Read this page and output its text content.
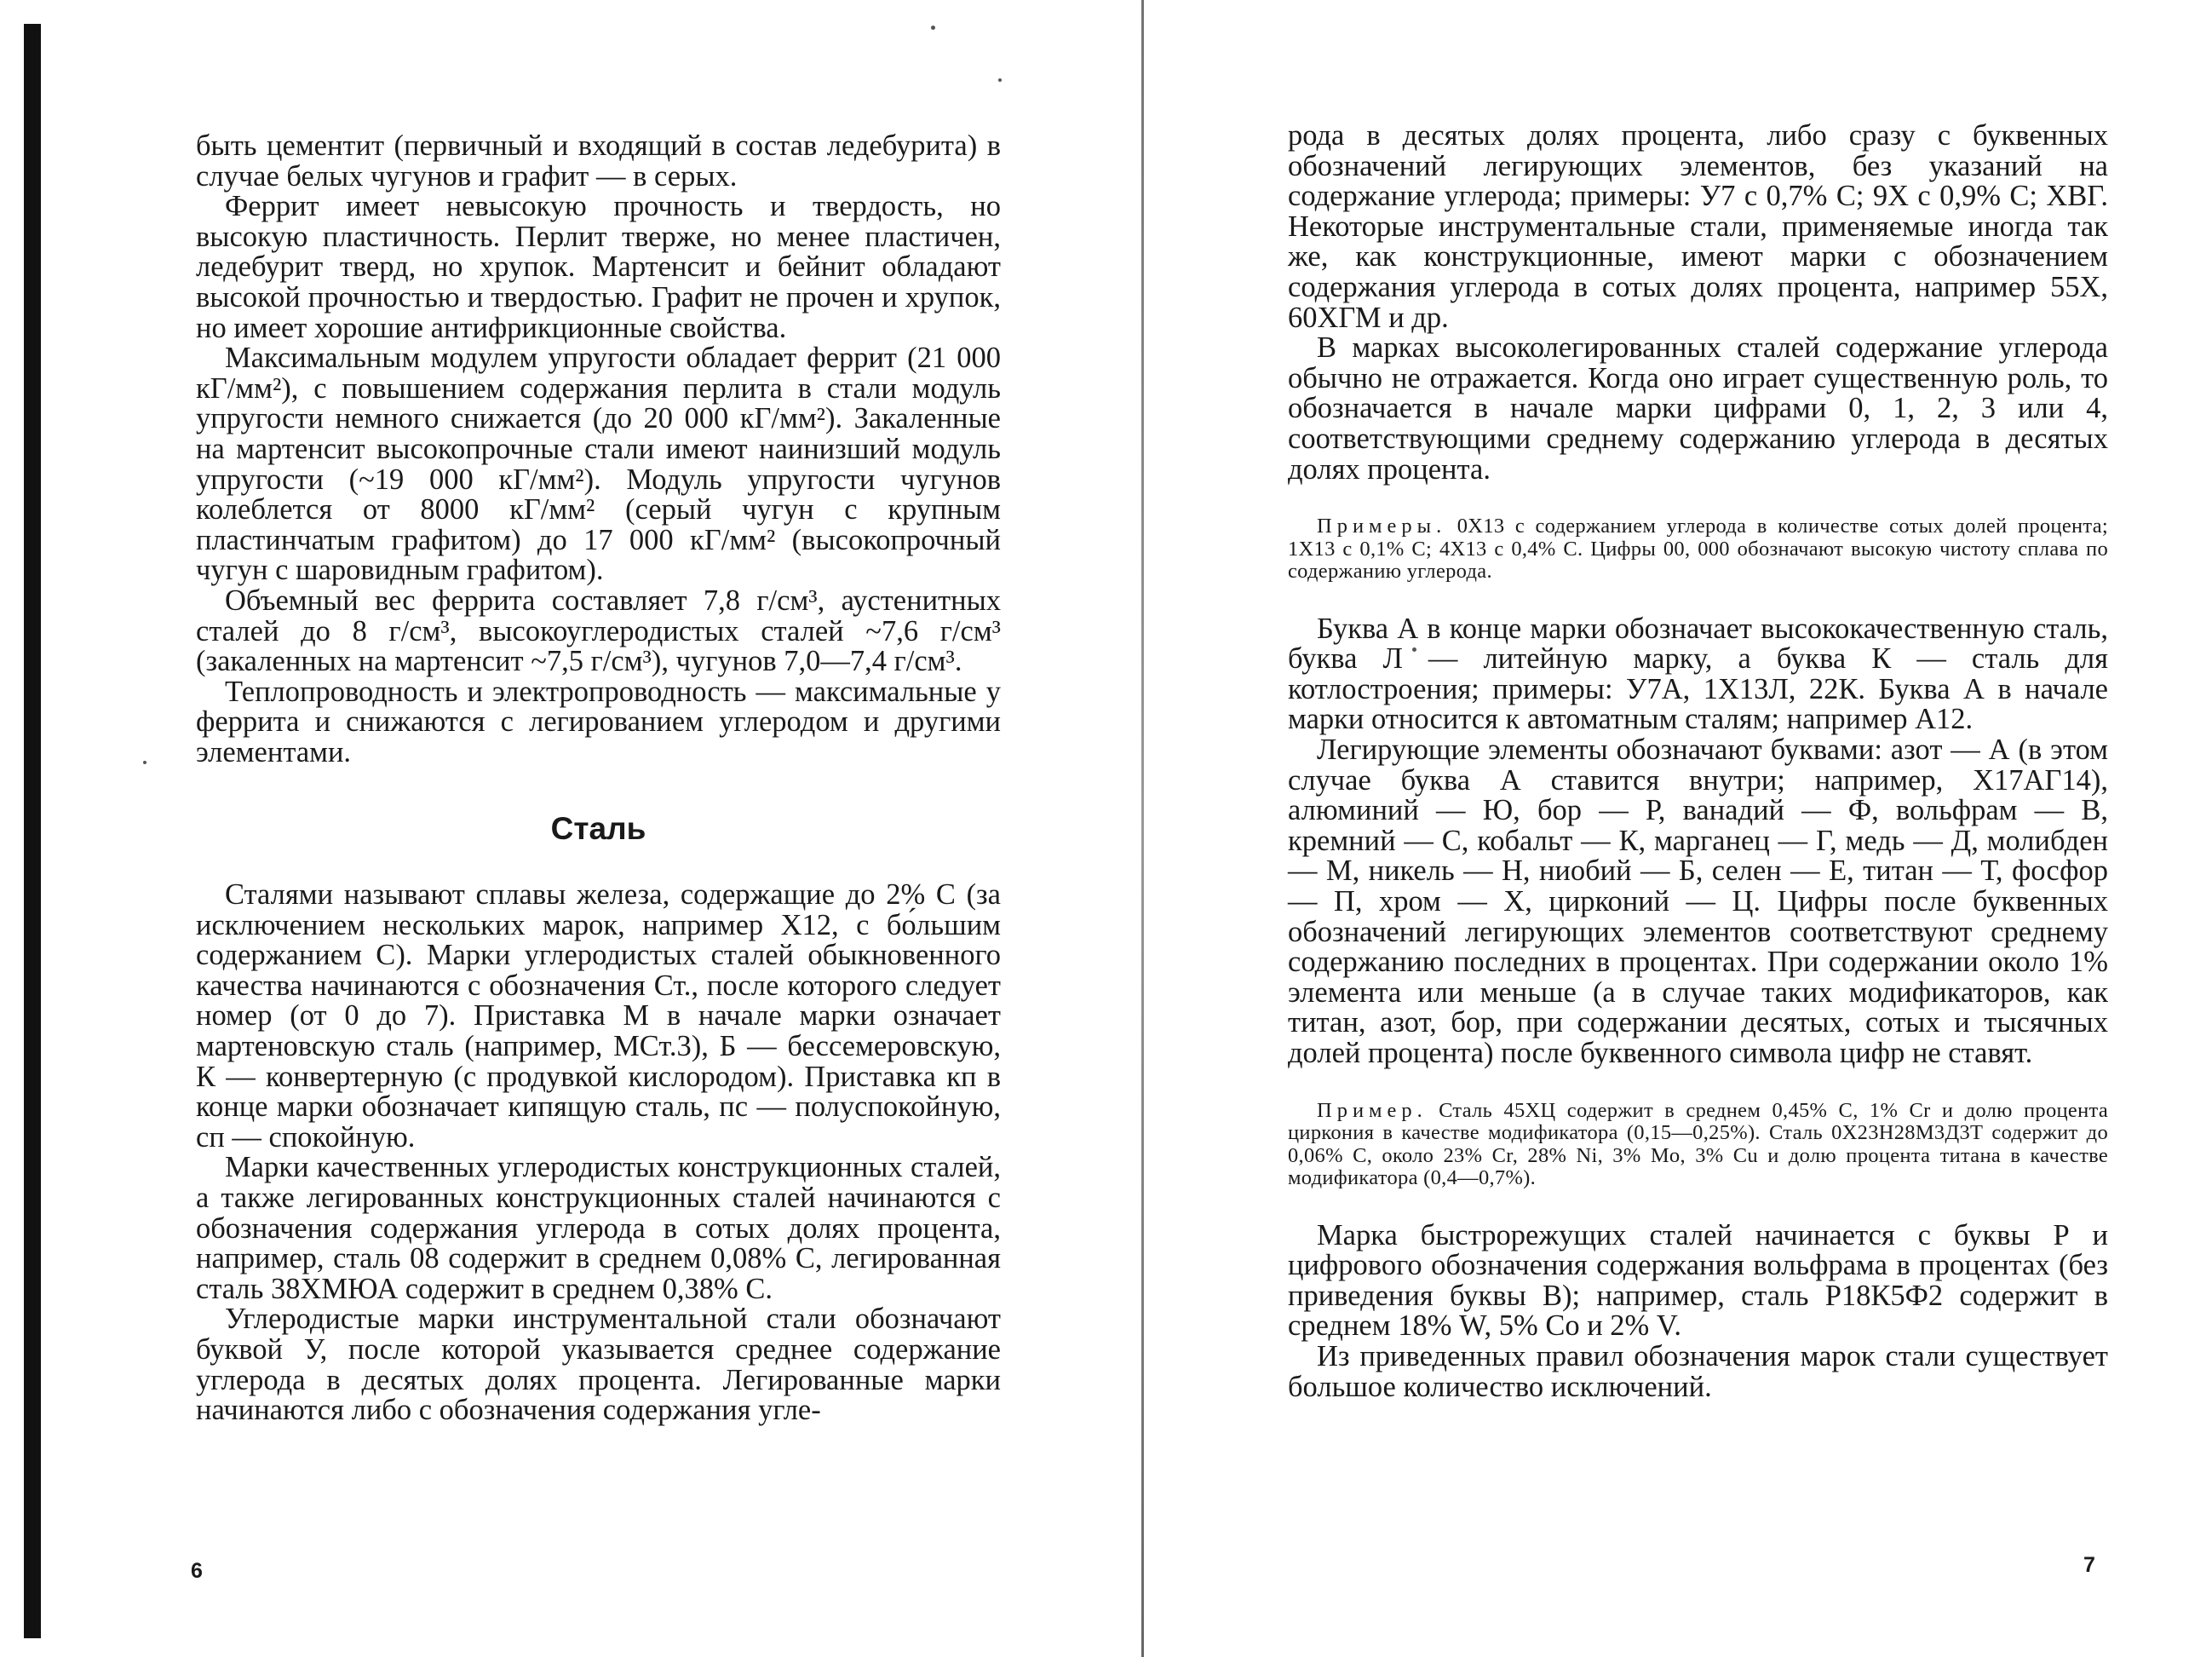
быть цементит (первичный и входящий в состав ледебурита) в случае белых чугунов и графит — в серых.

Феррит имеет невысокую прочность и твердость, но высокую пластичность. Перлит тверже, но менее пластичен, ледебурит тверд, но хрупок. Мартенсит и бейнит обладают высокой прочностью и твердостью. Графит не прочен и хрупок, но имеет хорошие антифрикционные свойства.

Максимальным модулем упругости обладает феррит (21 000 кГ/мм²), с повышением содержания перлита в стали модуль упругости немного снижается (до 20 000 кГ/мм²). Закаленные на мартенсит высокопрочные стали имеют наинизший модуль упругости (~19 000 кГ/мм²). Модуль упругости чугунов колеблется от 8000 кГ/мм² (серый чугун с крупным пластинчатым графитом) до 17 000 кГ/мм² (высокопрочный чугун с шаровидным графитом).

Объемный вес феррита составляет 7,8 г/см³, аустенитных сталей до 8 г/см³, высокоуглеродистых сталей ~7,6 г/см³ (закаленных на мартенсит ~7,5 г/см³), чугунов 7,0—7,4 г/см³.

Теплопроводность и электропроводность — максимальные у феррита и снижаются с легированием углеродом и другими элементами.

Сталь

Сталями называют сплавы железа, содержащие до 2% С (за исключением нескольких марок, например Х12, с бо́льшим содержанием С). Марки углеродистых сталей обыкновенного качества начинаются с обозначения Ст., после которого следует номер (от 0 до 7). Приставка М в начале марки означает мартеновскую сталь (например, МСт.3), Б — бессемеровскую, К — конвертерную (с продувкой кислородом). Приставка кп в конце марки обозначает кипящую сталь, пс — полуспокойную, сп — спокойную.

Марки качественных углеродистых конструкционных сталей, а также легированных конструкционных сталей начинаются с обозначения содержания углерода в сотых долях процента, например, сталь 08 содержит в среднем 0,08% С, легированная сталь 38ХМЮА содержит в среднем 0,38% С.

Углеродистые марки инструментальной стали обозначают буквой У, после которой указывается среднее содержание углерода в десятых долях процента. Легированные марки начинаются либо с обозначения содержания угле-

6

рода в десятых долях процента, либо сразу с буквенных обозначений легирующих элементов, без указаний на содержание углерода; примеры: У7 с 0,7% С; 9Х с 0,9% С; ХВГ. Некоторые инструментальные стали, применяемые иногда так же, как конструкционные, имеют марки с обозначением содержания углерода в сотых долях процента, например 55Х, 60ХГМ и др.

В марках высоколегированных сталей содержание углерода обычно не отражается. Когда оно играет существенную роль, то обозначается в начале марки цифрами 0, 1, 2, 3 или 4, соответствующими среднему содержанию углерода в десятых долях процента.

Примеры. 0Х13 с содержанием углерода в количестве сотых долей процента; 1Х13 с 0,1% С; 4Х13 с 0,4% С. Цифры 00, 000 обозначают высокую чистоту сплава по содержанию углерода.

Буква А в конце марки обозначает высококачественную сталь, буква Л — литейную марку, а буква К — сталь для котлостроения; примеры: У7А, 1Х13Л, 22К. Буква А в начале марки относится к автоматным сталям; например А12.

Легирующие элементы обозначают буквами: азот — А (в этом случае буква А ставится внутри; например, Х17АГ14), алюминий — Ю, бор — Р, ванадий — Ф, вольфрам — В, кремний — С, кобальт — К, марганец — Г, медь — Д, молибден — М, никель — Н, ниобий — Б, селен — Е, титан — Т, фосфор — П, хром — Х, цирконий — Ц. Цифры после буквенных обозначений легирующих элементов соответствуют среднему содержанию последних в процентах. При содержании около 1% элемента или меньше (а в случае таких модификаторов, как титан, азот, бор, при содержании десятых, сотых и тысячных долей процента) после буквенного символа цифр не ставят.

Пример. Сталь 45ХЦ содержит в среднем 0,45% С, 1% Cr и долю процента циркония в качестве модификатора (0,15—0,25%). Сталь 0Х23Н28М3Д3Т содержит до 0,06% С, около 23% Cr, 28% Ni, 3% Mo, 3% Cu и долю процента титана в качестве модификатора (0,4—0,7%).

Марка быстрорежущих сталей начинается с буквы Р и цифрового обозначения содержания вольфрама в процентах (без приведения буквы В); например, сталь Р18К5Ф2 содержит в среднем 18% W, 5% Co и 2% V.

Из приведенных правил обозначения марок стали существует большое количество исключений.

7
